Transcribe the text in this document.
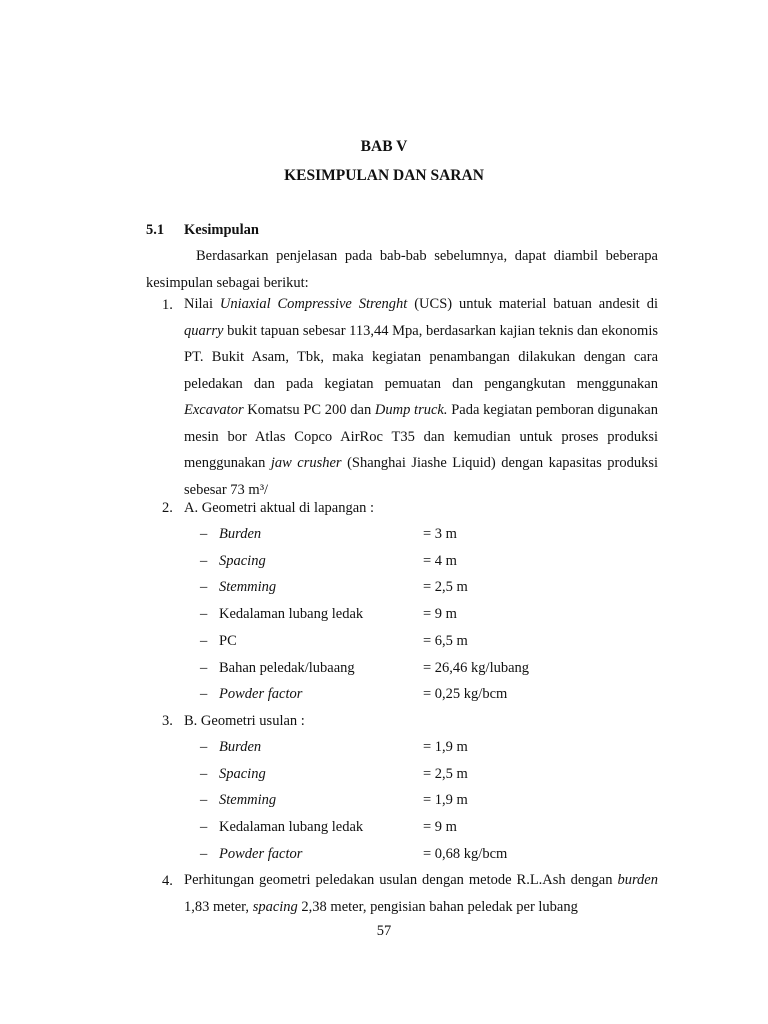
BAB V
KESIMPULAN DAN SARAN
5.1 Kesimpulan
Berdasarkan penjelasan pada bab-bab sebelumnya, dapat diambil beberapa kesimpulan sebagai berikut:
1. Nilai Uniaxial Compressive Strenght (UCS) untuk material batuan andesit di quarry bukit tapuan sebesar 113,44 Mpa, berdasarkan kajian teknis dan ekonomis PT. Bukit Asam, Tbk, maka kegiatan penambangan dilakukan dengan cara peledakan dan pada kegiatan pemuatan dan pengangkutan menggunakan Excavator Komatsu PC 200 dan Dump truck. Pada kegiatan pemboran digunakan mesin bor Atlas Copco AirRoc T35 dan kemudian untuk proses produksi menggunakan jaw crusher (Shanghai Jiashe Liquid) dengan kapasitas produksi sebesar 73 m³/
2. A. Geometri aktual di lapangan :
– Burden	= 3 m
– Spacing	= 4 m
– Stemming	= 2,5 m
– Kedalaman lubang ledak	= 9 m
– PC	= 6,5 m
– Bahan peledak/lubaang	= 26,46 kg/lubang
– Powder factor	= 0,25 kg/bcm
3. B. Geometri usulan :
– Burden	= 1,9 m
– Spacing	= 2,5 m
– Stemming	= 1,9 m
– Kedalaman lubang ledak	= 9 m
– Powder factor	= 0,68 kg/bcm
4. Perhitungan geometri peledakan usulan dengan metode R.L.Ash dengan burden 1,83 meter, spacing 2,38 meter, pengisian bahan peledak per lubang
57
